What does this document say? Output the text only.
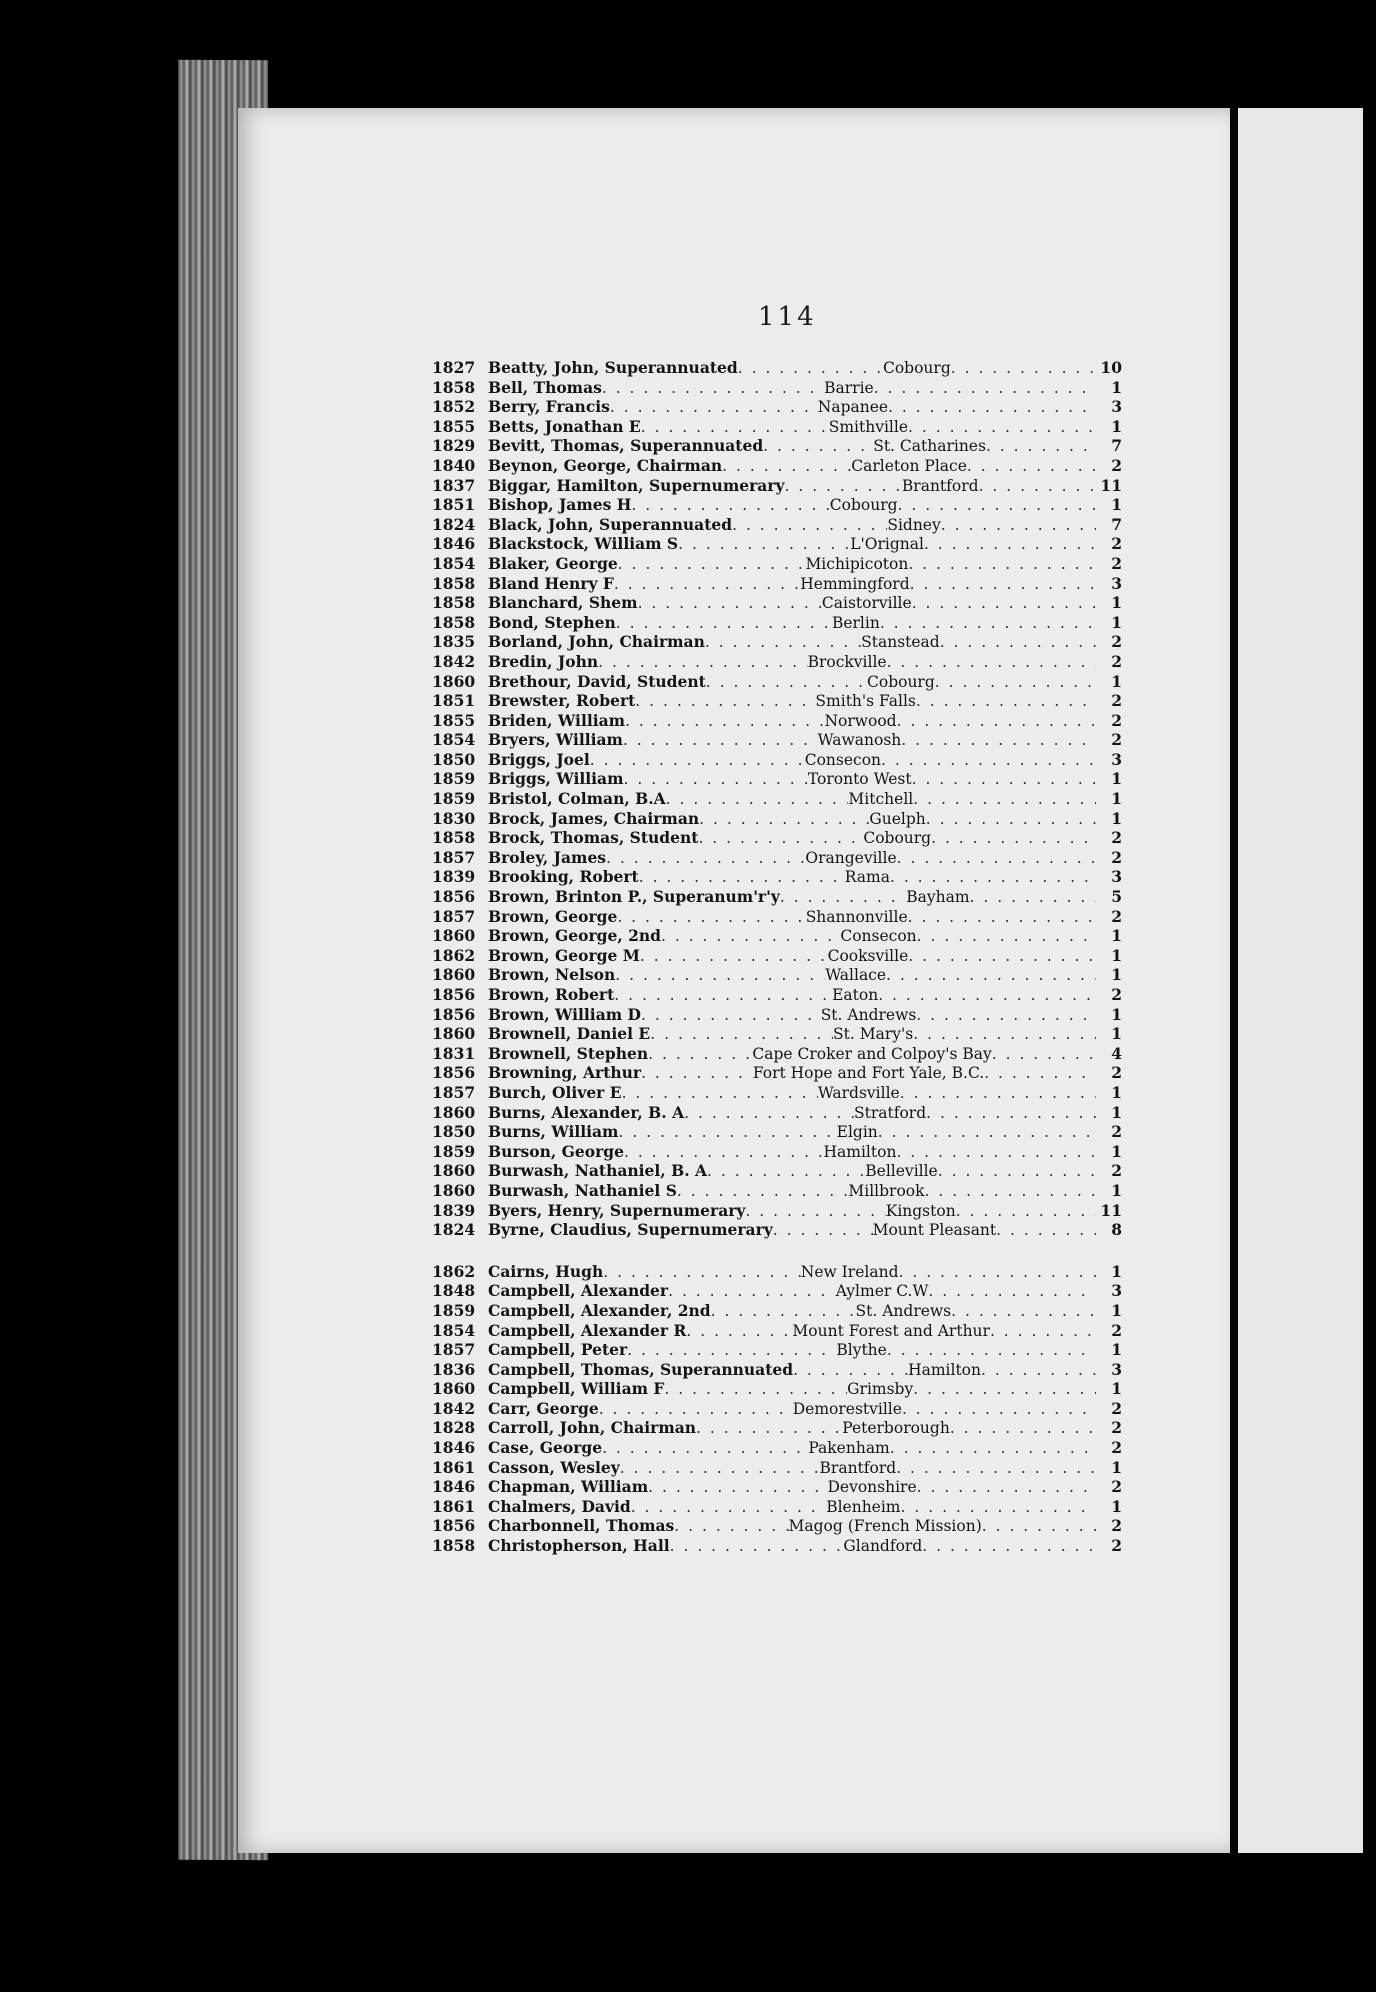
114
1827 Beatty, John, Superannuated . . .	Cobourg . . .	10
1858 Bell, Thomas . . .	Barrie . . .	1
1852 Berry, Francis . . .	Napanee . . .	3
1855 Betts, Jonathan E . . .	Smithville . . .	1
1829 Bevitt, Thomas, Superannuated . . .	St. Catharines . . .	7
1840 Beynon, George, Chairman . . .	Carleton Place . . .	2
1837 Biggar, Hamilton, Supernumerary . . .	Brantford . . .	11
1851 Bishop, James H . . .	Cobourg . . .	1
1824 Black, John, Superannuated . . .	Sidney . . .	7
1846 Blackstock, William S . . .	L'Orignal . . .	2
1854 Blaker, George . . .	Michipicoton . . .	2
1858 Bland Henry F . . .	Hemmingford . . .	3
1858 Blanchard, Shem . . .	Caistorville . . .	1
1858 Bond, Stephen . . .	Berlin . . .	1
1835 Borland, John, Chairman . . .	Stanstead . . .	2
1842 Bredin, John . . .	Brockville . . .	2
1860 Brethour, David, Student . . .	Cobourg . . .	1
1851 Brewster, Robert . . .	Smith's Falls . . .	2
1855 Briden, William . . .	Norwood . . .	2
1854 Bryers, William . . .	Wawanosh . . .	2
1850 Briggs, Joel . . .	Consecon . . .	3
1859 Briggs, William . . .	Toronto West . . .	1
1859 Bristol, Colman, B.A . . .	Mitchell . . .	1
1830 Brock, James, Chairman . . .	Guelph . . .	1
1858 Brock, Thomas, Student . . .	Cobourg . . .	2
1857 Broley, James . . .	Orangeville . . .	2
1839 Brooking, Robert . . .	Rama . . .	3
1856 Brown, Brinton P., Superanum'r'y . . .	Bayham . . .	5
1857 Brown, George . . .	Shannonville . . .	2
1860 Brown, George, 2nd . . .	Consecon . . .	1
1862 Brown, George M . . .	Cooksville . . .	1
1860 Brown, Nelson . . .	Wallace . . .	1
1856 Brown, Robert . . .	Eaton . . .	2
1856 Brown, William D . . .	St. Andrews . . .	1
1860 Brownell, Daniel E . . .	St. Mary's . . .	1
1831 Brownell, Stephen . . .	Cape Croker and Colpoy's Bay . . .	4
1856 Browning, Arthur . . .	Fort Hope and Fort Yale, B.C. . . .	2
1857 Burch, Oliver E . . .	Wardsville . . .	1
1860 Burns, Alexander, B. A . . .	Stratford . . .	1
1850 Burns, William . . .	Elgin . . .	2
1859 Burson, George . . .	Hamilton . . .	1
1860 Burwash, Nathaniel, B. A . . .	Belleville . . .	2
1860 Burwash, Nathaniel S . . .	Millbrook . . .	1
1839 Byers, Henry, Supernumerary . . .	Kingston . . .	11
1824 Byrne, Claudius, Supernumerary . . .	Mount Pleasant . . .	8
1862 Cairns, Hugh . . .	New Ireland . . .	1
1848 Campbell, Alexander . . .	Aylmer C.W . . .	3
1859 Campbell, Alexander, 2nd . . .	St. Andrews . . .	1
1854 Campbell, Alexander R . . .	Mount Forest and Arthur . . .	2
1857 Campbell, Peter . . .	Blythe . . .	1
1836 Campbell, Thomas, Superannuated . . .	Hamilton . . .	3
1860 Campbell, William F . . .	Grimsby . . .	1
1842 Carr, George . . .	Demorestville . . .	2
1828 Carroll, John, Chairman . . .	Peterborough . . .	2
1846 Case, George . . .	Pakenham . . .	2
1861 Casson, Wesley . . .	Brantford . . .	1
1846 Chapman, William . . .	Devonshire . . .	2
1861 Chalmers, David . . .	Blenheim . . .	1
1856 Charbonnell, Thomas . . .	Magog (French Mission) . . .	2
1858 Christopherson, Hall . . .	Glandford . . .	2
